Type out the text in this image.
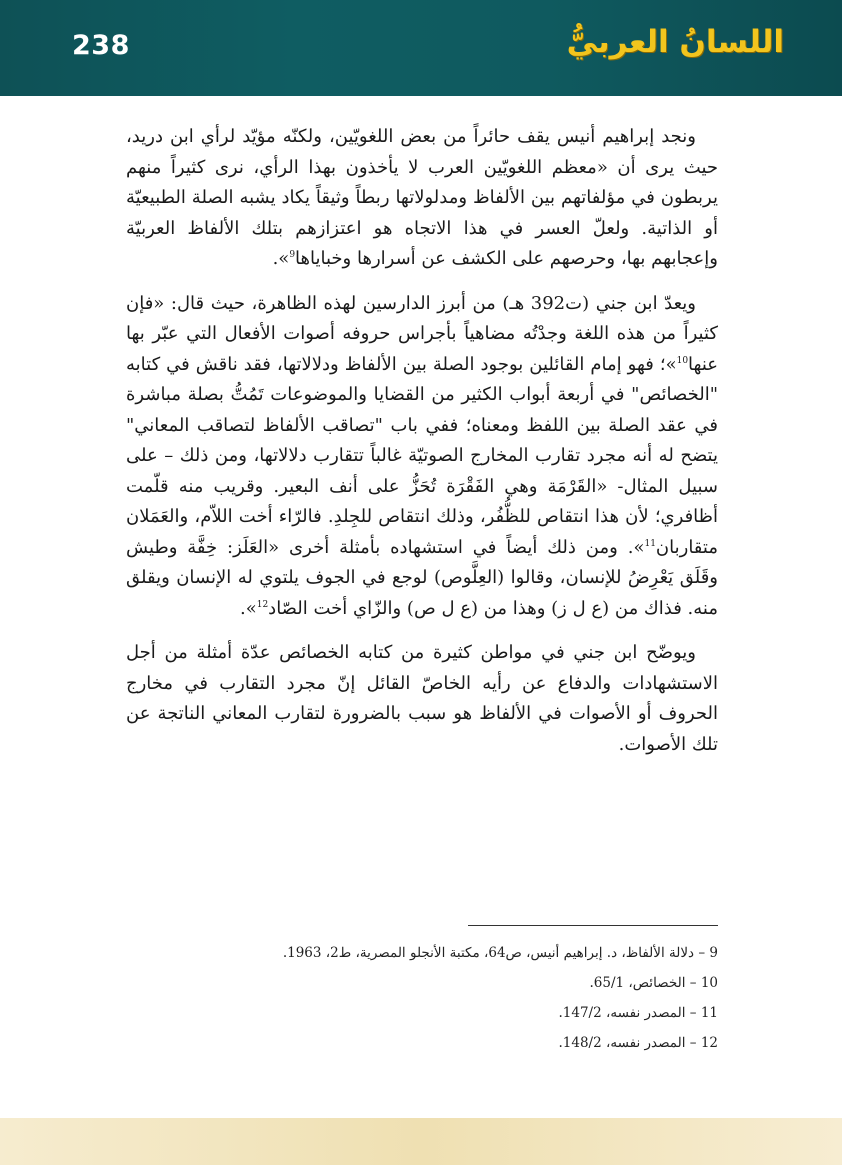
238	اللسانُ العربيُّ

ونجد إبراهيم أنيس يقف حائراً من بعض اللغويّين، ولكنّه مؤيّد لرأي ابن دريد، حيث يرى أن «معظم اللغويّين العرب لا يأخذون بهذا الرأي، نرى كثيراً منهم يربطون في مؤلفاتهم بين الألفاظ ومدلولاتها ربطاً وثيقاً يكاد يشبه الصلة الطبيعيّة أو الذاتية. ولعلّ العسر في هذا الاتجاه هو اعتزازهم بتلك الألفاظ العربيّة وإعجابهم بها، وحرصهم على الكشف عن أسرارها وخباياها$^9$».

ويعدّ ابن جني (ت392 هـ) من أبرز الدارسين لهذه الظاهرة، حيث قال: «فإن كثيراً من هذه اللغة وجدْتُه مضاهياً بأجراس حروفه أصوات الأفعال التي عبّر بها عنها$^{10}$»؛ فهو إمام القائلين بوجود الصلة بين الألفاظ ودلالاتها، فقد ناقش في كتابه "الخصائص" في أربعة أبواب الكثير من القضايا والموضوعات تَمُتُّ بصلة مباشرة في عقد الصلة بين اللفظ ومعناه؛ ففي باب "تصاقب الألفاظ لتصاقب المعاني" يتضح له أنه مجرد تقارب المخارج الصوتيّة غالباً تتقارب دلالاتها، ومن ذلك – على سبيل المثال- «القَرْمَة وهي الفَقْرَة تُحَزُّ على أنف البعير. وقريب منه قلّمت أظافري؛ لأن هذا انتقاص للظُّفُر، وذلك انتقاص للجِلدِ. فالرّاء أخت اللاّم، والعَمَلان متقاربان$^{11}$». ومن ذلك أيضاً في استشهاده بأمثلة أخرى «العَلَز: خِفَّة وطيش وقَلَق يَعْرِضُ للإنسان، وقالوا (العِلَّوص) لوجع في الجوف يلتوي له الإنسان ويقلق منه. فذاك من (ع ل ز) وهذا من (ع ل ص) والزّاي أخت الصّاد$^{12}$».

ويوضّح ابن جني في مواطن كثيرة من كتابه الخصائص عدّة أمثلة من أجل الاستشهادات والدفاع عن رأيه الخاصّ القائل إنّ مجرد التقارب في مخارج الحروف أو الأصوات في الألفاظ هو سبب بالضرورة لتقارب المعاني الناتجة عن تلك الأصوات.

9 – دلالة الألفاظ، د. إبراهيم أنيس، ص64، مكتبة الأنجلو المصرية، ط2، 1963.

10 – الخصائص، 65/1.

11 – المصدر نفسه، 147/2.

12 – المصدر نفسه، 148/2.
